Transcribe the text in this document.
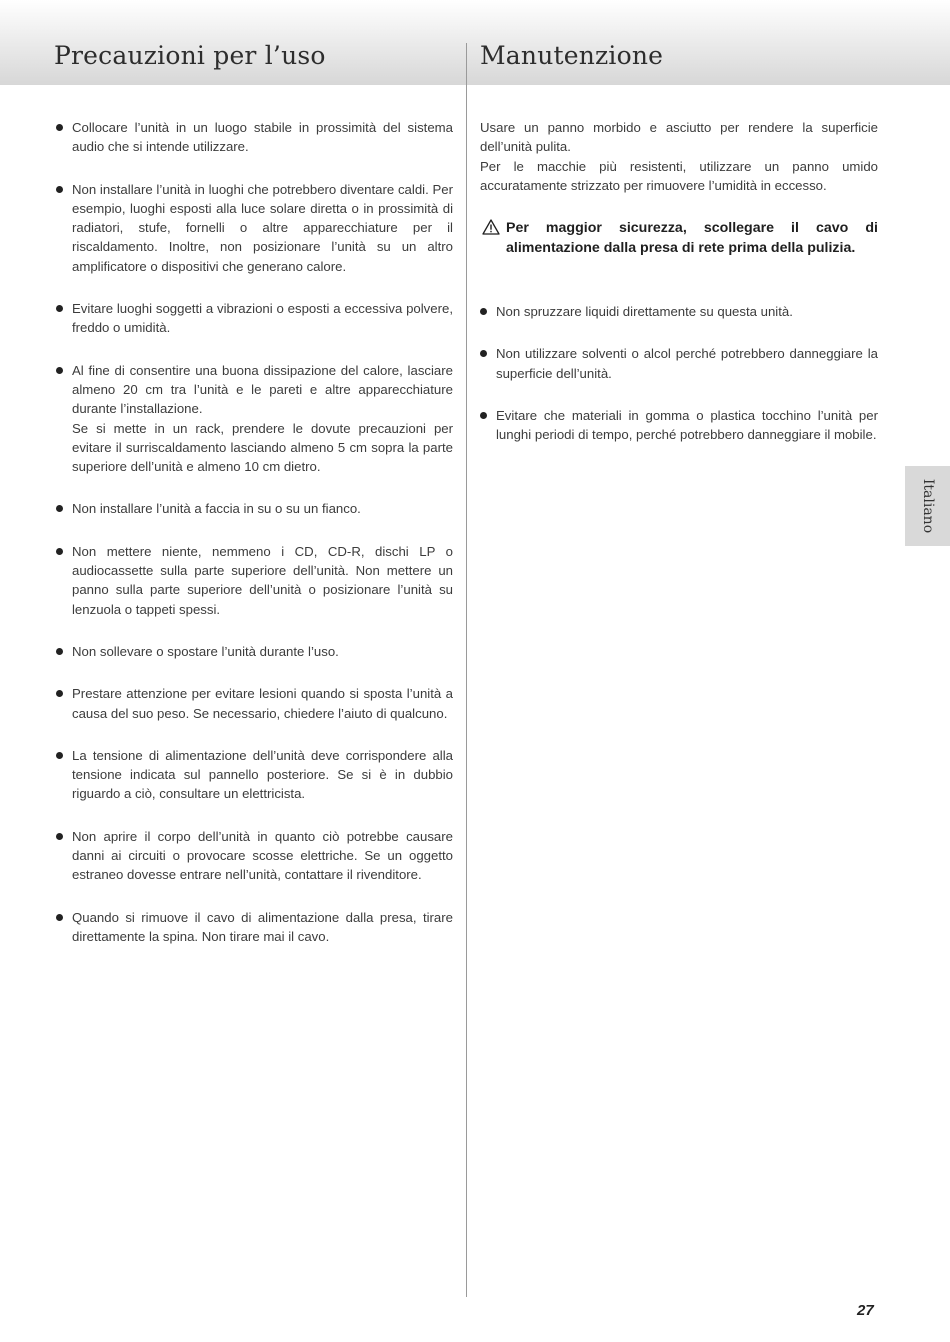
Precauzioni per l’uso	Manutenzione
Collocare l’unità in un luogo stabile in prossimità del sistema audio che si intende utilizzare.
Non installare l’unità in luoghi che potrebbero diventare caldi. Per esempio, luoghi esposti alla luce solare diretta o in prossimità di radiatori, stufe, fornelli o altre apparecchiature per il riscaldamento. Inoltre, non posizionare l’unità su un altro amplificatore o dispositivi che generano calore.
Evitare luoghi soggetti a vibrazioni o esposti a eccessiva polvere, freddo o umidità.
Al fine di consentire una buona dissipazione del calore, lasciare almeno 20 cm tra l’unità e le pareti e altre apparecchiature durante l’installazione.
Se si mette in un rack, prendere le dovute precauzioni per evitare il surriscaldamento lasciando almeno 5 cm sopra la parte superiore dell’unità e almeno 10 cm dietro.
Non installare l’unità a faccia in su o su un fianco.
Non mettere niente, nemmeno i CD, CD-R, dischi LP o audiocassette sulla parte superiore dell’unità. Non mettere un panno sulla parte superiore dell’unità o posizionare l’unità su lenzuola o tappeti spessi.
Non sollevare o spostare l’unità durante l’uso.
Prestare attenzione per evitare lesioni quando si sposta l’unità a causa del suo peso. Se necessario, chiedere l’aiuto di qualcuno.
La tensione di alimentazione dell’unità deve corrispondere alla tensione indicata sul pannello posteriore. Se si è in dubbio riguardo a ciò, consultare un elettricista.
Non aprire il corpo dell’unità in quanto ciò potrebbe causare danni ai circuiti o provocare scosse elettriche. Se un oggetto estraneo dovesse entrare nell’unità, contattare il rivenditore.
Quando si rimuove il cavo di alimentazione dalla presa, tirare direttamente la spina. Non tirare mai il cavo.

Usare un panno morbido e asciutto per rendere la superficie dell’unità pulita.

Per le macchie più resistenti, utilizzare un panno umido accuratamente strizzato per rimuovere l’umidità in eccesso.

Per maggior sicurezza, scollegare il cavo di alimentazione dalla presa di rete prima della pulizia.
Non spruzzare liquidi direttamente su questa unità.
Non utilizzare solventi o alcol perché potrebbero danneggiare la superficie dell’unità.
Evitare che materiali in gomma o plastica tocchino l’unità per lunghi periodi di tempo, perché potrebbero danneggiare il mobile.
Italiano
27
